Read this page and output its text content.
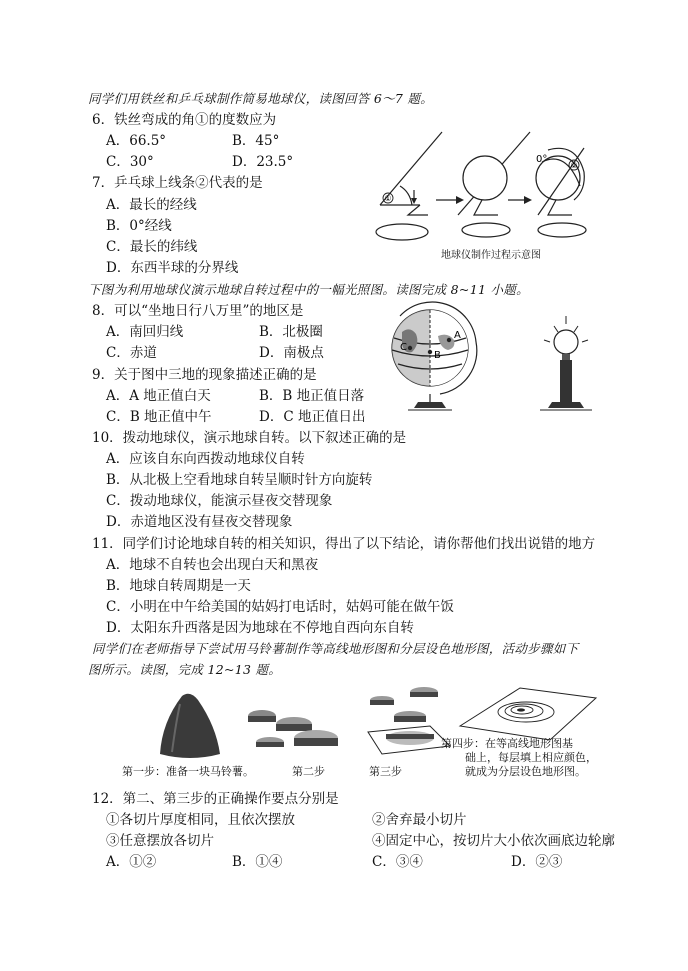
同学们用铁丝和乒乓球制作简易地球仪，读图回答 6～7 题。
6．铁丝弯成的角①的度数应为
A．66.5°	B．45°
C．30°	D．23.5°
7．乒乓球上线条②代表的是
A．最长的经线
B．0°经线
C．最长的纬线
D．东西半球的分界线
①
0°
②
地球仪制作过程示意图
下图为利用地球仪演示地球自转过程中的一幅光照图。读图完成 8~11 小题。
8．可以“坐地日行八万里”的地区是
A．南回归线	B．北极圈
C．赤道	D．南极点
9．关于图中三地的现象描述正确的是
A．A 地正值白天	B．B 地正值日落
C．B 地正值中午	D．C 地正值日出
A
B
C
10．拨动地球仪，演示地球自转。以下叙述正确的是
A．应该自东向西拨动地球仪自转
B．从北极上空看地球自转呈顺时针方向旋转
C．拨动地球仪，能演示昼夜交替现象
D．赤道地区没有昼夜交替现象
11．同学们讨论地球自转的相关知识，得出了以下结论，请你帮他们找出说错的地方
A．地球不自转也会出现白天和黑夜
B．地球自转周期是一天
C．小明在中午给美国的姑妈打电话时，姑妈可能在做午饭
D．太阳东升西落是因为地球在不停地自西向东自转
同学们在老师指导下尝试用马铃薯制作等高线地形图和分层设色地形图，活动步骤如下
图所示。读图，完成 12~13 题。
第一步：准备一块马铃薯。	第二步	第三步
第四步：在等高线地形图基
础上，每层填上相应颜色，
就成为分层设色地形图。
12．第二、第三步的正确操作要点分别是
①各切片厚度相同，且依次摆放	②舍弃最小切片
③任意摆放各切片	④固定中心，按切片大小依次画底边轮廓
A．①②	B．①④	C．③④	D．②③
